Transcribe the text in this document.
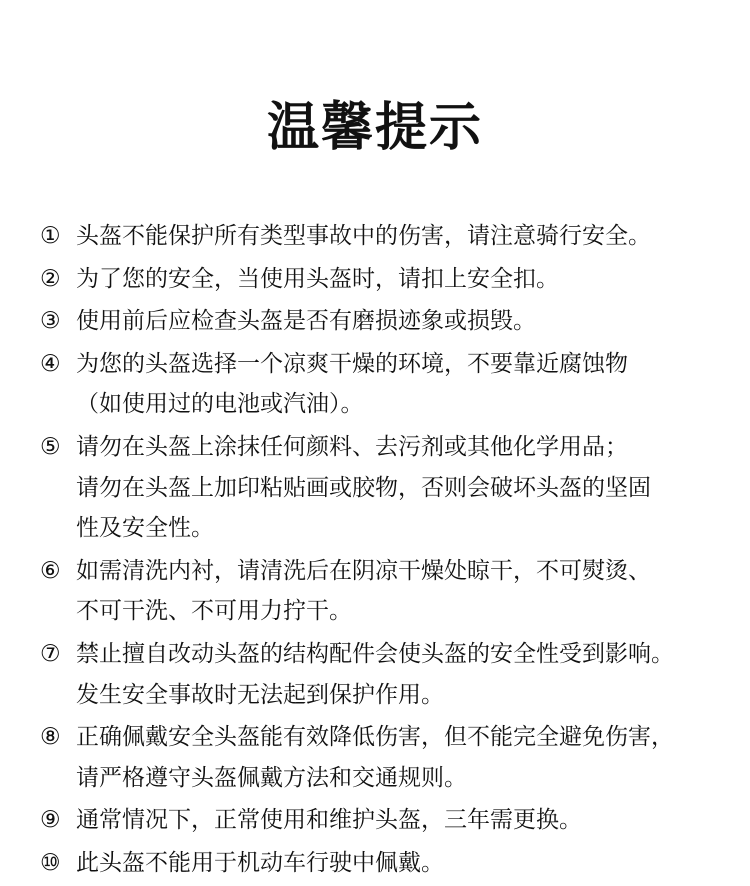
温馨提示
① 头盔不能保护所有类型事故中的伤害，请注意骑行安全。
② 为了您的安全，当使用头盔时，请扣上安全扣。
③ 使用前后应检查头盔是否有磨损迹象或损毁。
④ 为您的头盔选择一个凉爽干燥的环境，不要靠近腐蚀物
（如使用过的电池或汽油）。
⑤ 请勿在头盔上涂抹任何颜料、去污剂或其他化学用品；
请勿在头盔上加印粘贴画或胶物，否则会破坏头盔的坚固
性及安全性。
⑥ 如需清洗内衬，请清洗后在阴凉干燥处晾干，不可熨烫、
不可干洗、不可用力拧干。
⑦ 禁止擅自改动头盔的结构配件会使头盔的安全性受到影响。
发生安全事故时无法起到保护作用。
⑧ 正确佩戴安全头盔能有效降低伤害，但不能完全避免伤害，
请严格遵守头盔佩戴方法和交通规则。
⑨ 通常情况下，正常使用和维护头盔，三年需更换。
⑩ 此头盔不能用于机动车行驶中佩戴。
